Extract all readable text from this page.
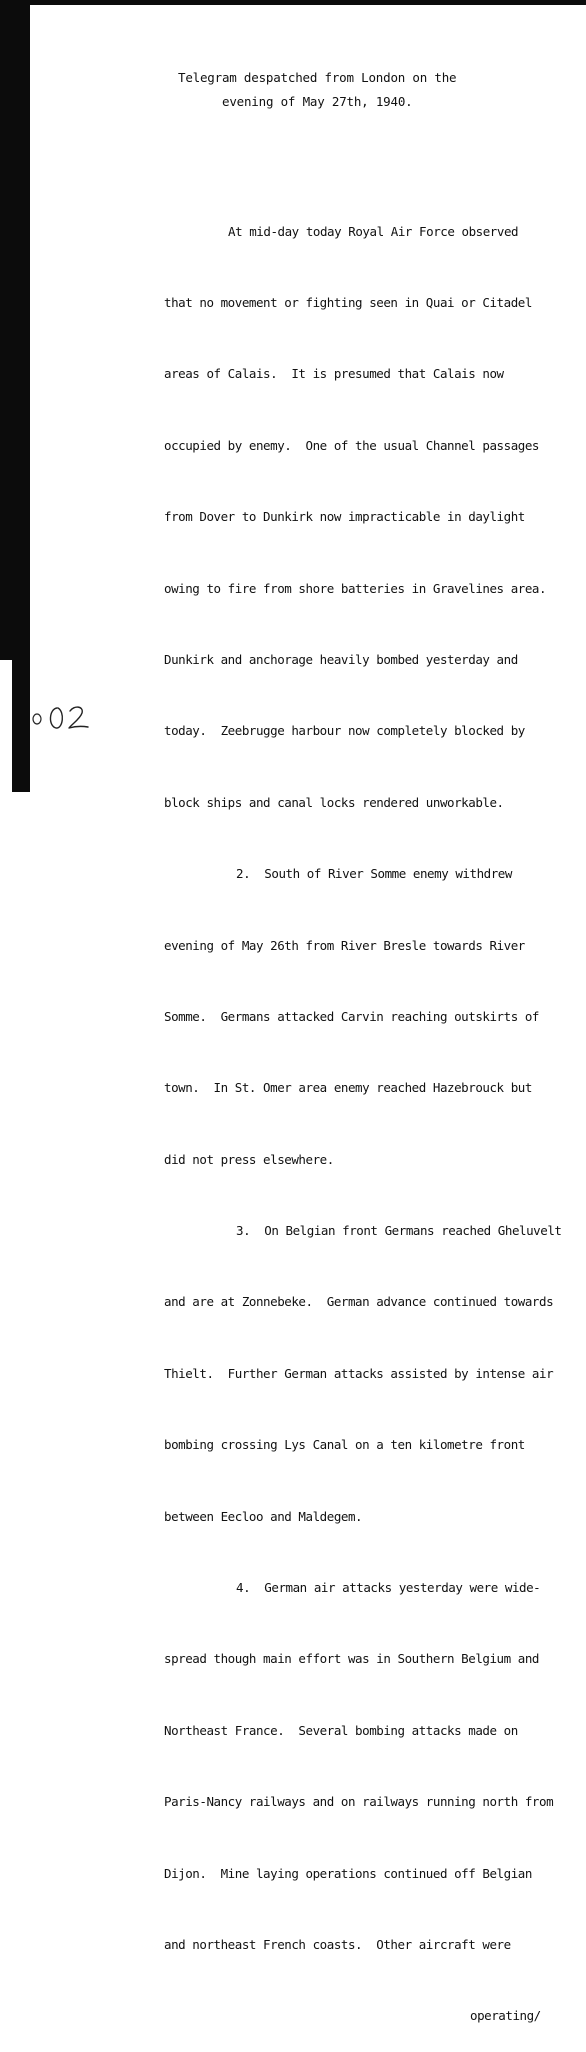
Telegram despatched from London on the
evening of May 27th, 1940.

At mid-day today Royal Air Force observed

that no movement or fighting seen in Quai or Citadel

areas of Calais.  It is presumed that Calais now

occupied by enemy.  One of the usual Channel passages

from Dover to Dunkirk now impracticable in daylight

owing to fire from shore batteries in Gravelines area.

Dunkirk and anchorage heavily bombed yesterday and

today.  Zeebrugge harbour now completely blocked by

block ships and canal locks rendered unworkable.

2.  South of River Somme enemy withdrew

evening of May 26th from River Bresle towards River

Somme.  Germans attacked Carvin reaching outskirts of

town.  In St. Omer area enemy reached Hazebrouck but

did not press elsewhere.

3.  On Belgian front Germans reached Gheluvelt

and are at Zonnebeke.  German advance continued towards

Thielt.  Further German attacks assisted by intense air

bombing crossing Lys Canal on a ten kilometre front

between Eecloo and Maldegem.

4.  German air attacks yesterday were wide-

spread though main effort was in Southern Belgium and

Northeast France.  Several bombing attacks made on

Paris-Nancy railways and on railways running north from

Dijon.  Mine laying operations continued off Belgian

and northeast French coasts.  Other aircraft were

operating/
